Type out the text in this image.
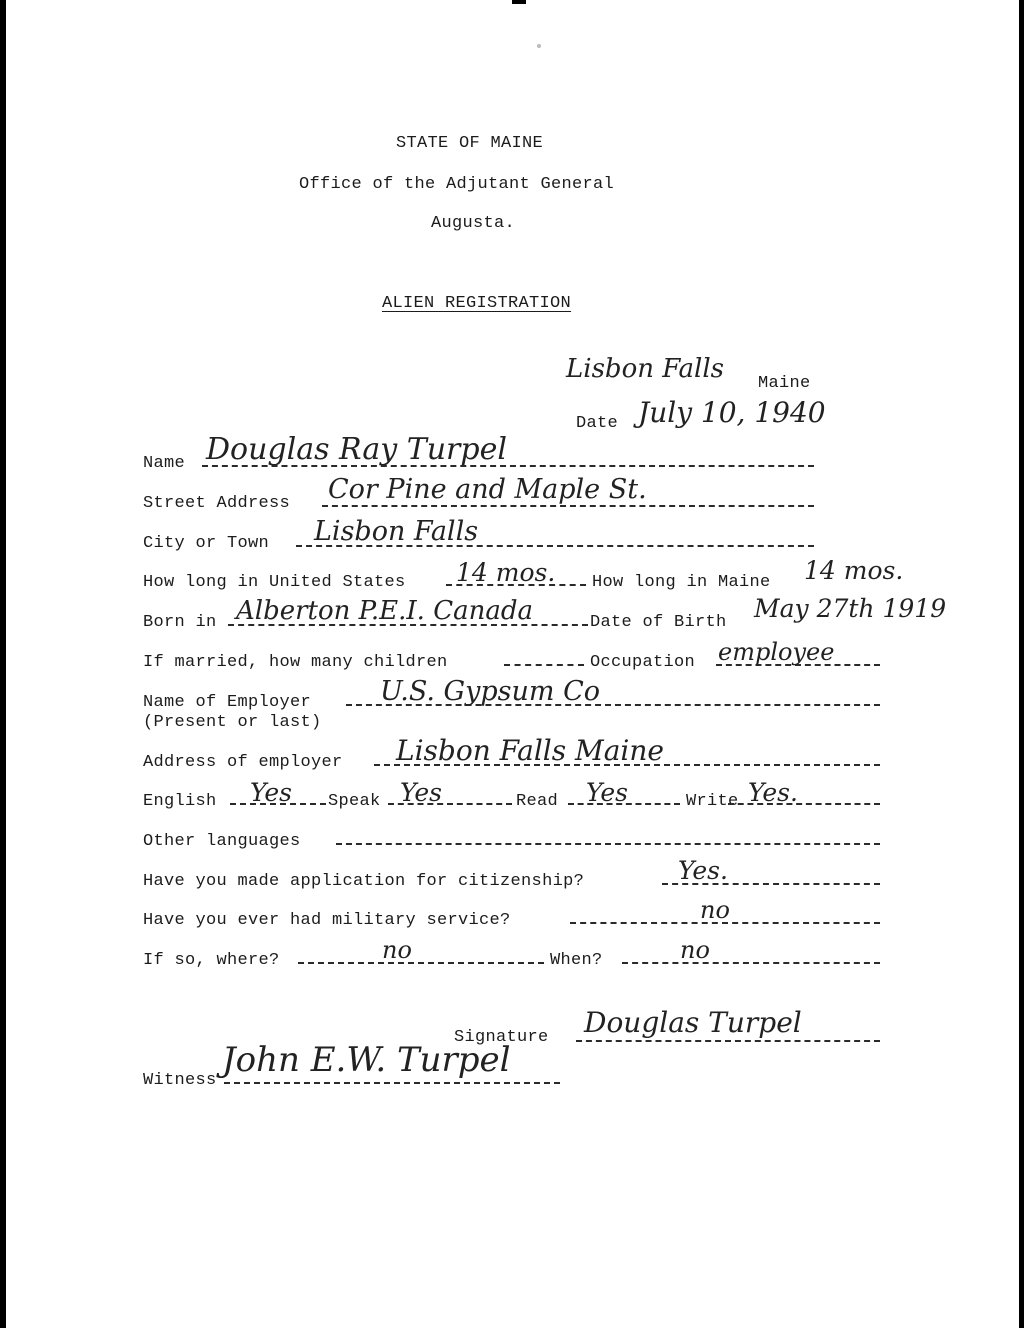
STATE OF MAINE
Office of the Adjutant General
Augusta.
ALIEN REGISTRATION
Lisbon Falls Maine
Date July 10, 1940
Name Douglas Ray Turpel
Street Address Cor Pine and Maple St.
City or Town Lisbon Falls
How long in United States 14 mos. How long in Maine 14 mos.
Born in Alberton P.E.I. Canada	Date of Birth May 27th 1919
If married, how many children	Occupation employee
Name of Employer
(Present or last)
U.S. Gypsum Co
Address of employer Lisbon Falls Maine
English Yes Speak Yes	Read Yes	Write Yes.
Other languages
Have you made application for citizenship?	Yes.
Have you ever had military service?	no
If so, where?	no	When?	no
Signature Douglas Turpel
Witness
John E.W. Turpel
